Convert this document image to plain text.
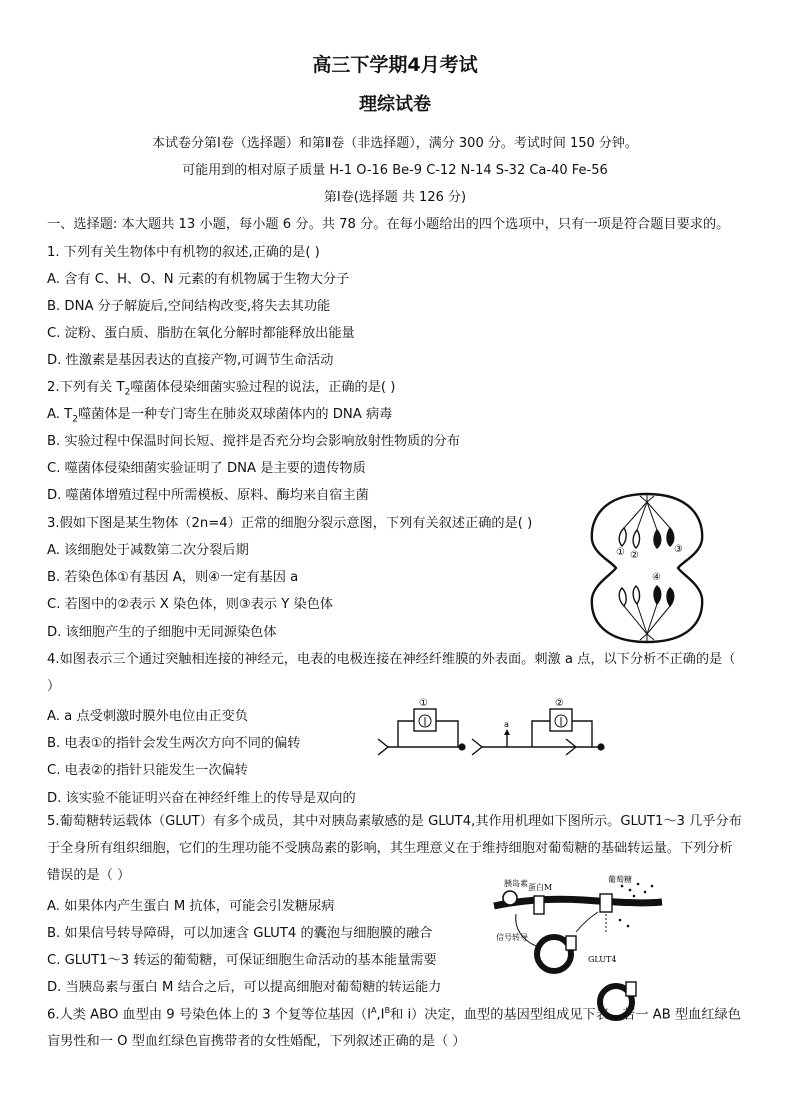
高三下学期4月考试
理综试卷
本试卷分第Ⅰ卷（选择题）和第Ⅱ卷（非选择题），满分 300 分。考试时间 150 分钟。
可能用到的相对原子质量 H-1 O-16 Be-9 C-12 N-14 S-32 Ca-40 Fe-56
第Ⅰ卷(选择题 共 126 分)
一、选择题: 本大题共 13 小题，每小题 6 分。共 78 分。在每小题给出的四个选项中，只有一项是符合题目要求的。
1. 下列有关生物体中有机物的叙述,正确的是( )
A. 含有 C、H、O、N 元素的有机物属于生物大分子
B. DNA 分子解旋后,空间结构改变,将失去其功能
C. 淀粉、蛋白质、脂肪在氧化分解时都能释放出能量
D. 性激素是基因表达的直接产物,可调节生命活动
2.下列有关 $T_2$噬菌体侵染细菌实验过程的说法，正确的是( )
A. $T_2$噬菌体是一种专门寄生在肺炎双球菌体内的 DNA 病毒
B. 实验过程中保温时间长短、搅拌是否充分均会影响放射性物质的分布
C. 噬菌体侵染细菌实验证明了 DNA 是主要的遗传物质
D. 噬菌体增殖过程中所需模板、原料、酶均来自宿主菌
3.假如下图是某生物体（2n=4）正常的细胞分裂示意图，下列有关叙述正确的是( )
A. 该细胞处于减数第二次分裂后期
B. 若染色体①有基因 A，则④一定有基因 a
C. 若图中的②表示 X 染色体，则③表示 Y 染色体
D. 该细胞产生的子细胞中无同源染色体
① ②
③
④
4.如图表示三个通过突触相连接的神经元，电表的电极连接在神经纤维膜的外表面。刺激 a 点，以下分析不正确的是（ ）
A. a 点受刺激时膜外电位由正变负
B. 电表①的指针会发生两次方向不同的偏转
C. 电表②的指针只能发生一次偏转
D. 该实验不能证明兴奋在神经纤维上的传导是双向的
①	②
a
5.葡萄糖转运载体（GLUT）有多个成员，其中对胰岛素敏感的是 GLUT4,其作用机理如下图所示。GLUT1～3 几乎分布于全身所有组织细胞，它们的生理功能不受胰岛素的影响，其生理意义在于维持细胞对葡萄糖的基础转运量。下列分析错误的是（ ）
A. 如果体内产生蛋白 M 抗体，可能会引发糖尿病
B. 如果信号转导障碍，可以加速含 GLUT4 的囊泡与细胞膜的融合
C. GLUT1～3 转运的葡萄糖，可保证细胞生命活动的基本能量需要
D. 当胰岛素与蛋白 M 结合之后，可以提高细胞对葡萄糖的转运能力
胰岛素 蛋白M
葡萄糖
信号转导
GLUT4
6.人类 ABO 血型由 9 号染色体上的 3 个复等位基因（$I^A,I^B$和 i）决定，血型的基因型组成见下表。若一 AB 型血红绿色盲男性和一 O 型血红绿色盲携带者的女性婚配，下列叙述正确的是（ ）
